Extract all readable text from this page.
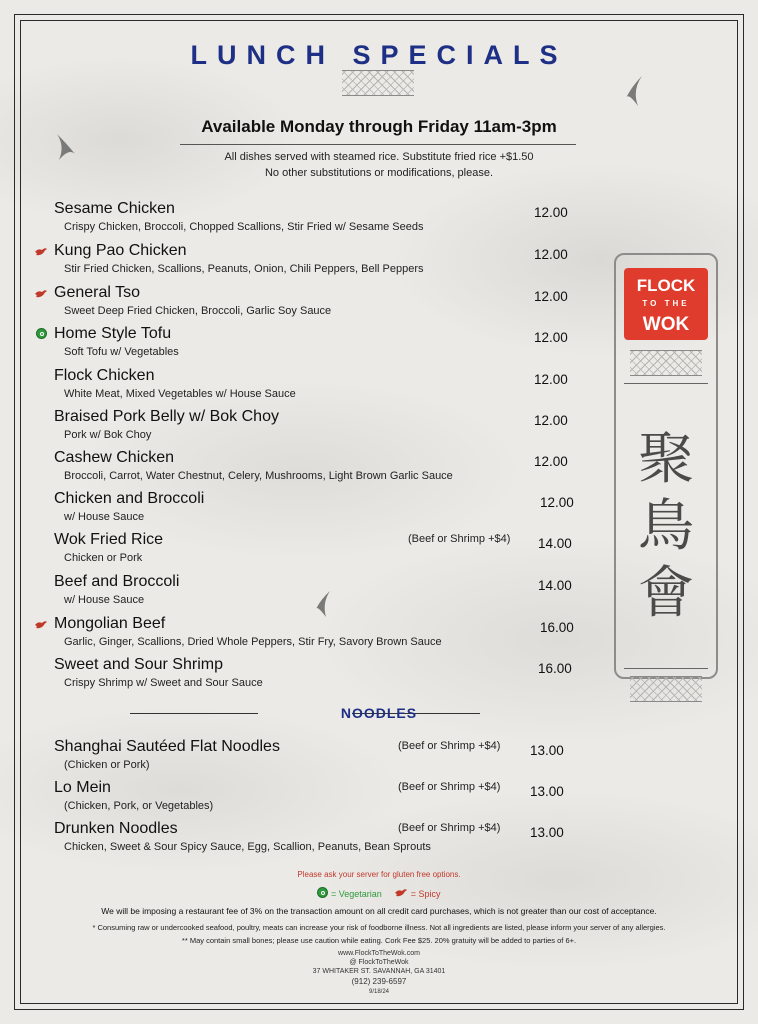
LUNCH SPECIALS
Available Monday through Friday 11am-3pm
All dishes served with steamed rice. Substitute fried rice +$1.50
No other substitutions or modifications, please.
Sesame Chicken
Crispy Chicken, Broccoli, Chopped Scallions, Stir Fried w/ Sesame Seeds
12.00
Kung Pao Chicken
Stir Fried Chicken, Scallions, Peanuts, Onion, Chili Peppers, Bell Peppers
12.00
General Tso
Sweet Deep Fried Chicken, Broccoli, Garlic Soy Sauce
12.00
Home Style Tofu
Soft Tofu w/ Vegetables
12.00
Flock Chicken
White Meat, Mixed Vegetables w/ House Sauce
12.00
Braised Pork Belly w/ Bok Choy
Pork w/ Bok Choy
12.00
Cashew Chicken
Broccoli, Carrot, Water Chestnut, Celery, Mushrooms, Light Brown Garlic Sauce
12.00
Chicken and Broccoli
w/ House Sauce
12.00
Wok Fried Rice
Chicken or Pork
(Beef or Shrimp +$4) 14.00
Beef and Broccoli
w/ House Sauce
14.00
Mongolian Beef
Garlic, Ginger, Scallions, Dried Whole Peppers, Stir Fry, Savory Brown Sauce
16.00
Sweet and Sour Shrimp
Crispy Shrimp w/ Sweet and Sour Sauce
16.00
NOODLES
Shanghai Sautéed Flat Noodles
(Chicken or Pork)
(Beef or Shrimp +$4) 13.00
Lo Mein
(Chicken, Pork, or Vegetables)
(Beef or Shrimp +$4) 13.00
Drunken Noodles
Chicken, Sweet & Sour Spicy Sauce, Egg, Scallion, Peanuts, Bean Sprouts
(Beef or Shrimp +$4) 13.00
Please ask your server for gluten free options.
= Vegetarian	= Spicy
We will be imposing a restaurant fee of 3% on the transaction amount on all credit card purchases, which is not greater than our cost of acceptance.
* Consuming raw or undercooked seafood, poultry, meats can increase your risk of foodborne illness. Not all ingredients are listed, please inform your server of any allergies.
** May contain small bones; please use caution while eating. Cork Fee $25. 20% gratuity will be added to parties of 6+.
www.FlockToTheWok.com
@ FlockToTheWok
37 WHITAKER ST. SAVANNAH, GA 31401
(912) 239-6597
9/18/24
FLOCK
TO THE
WOK
聚
鳥
會
